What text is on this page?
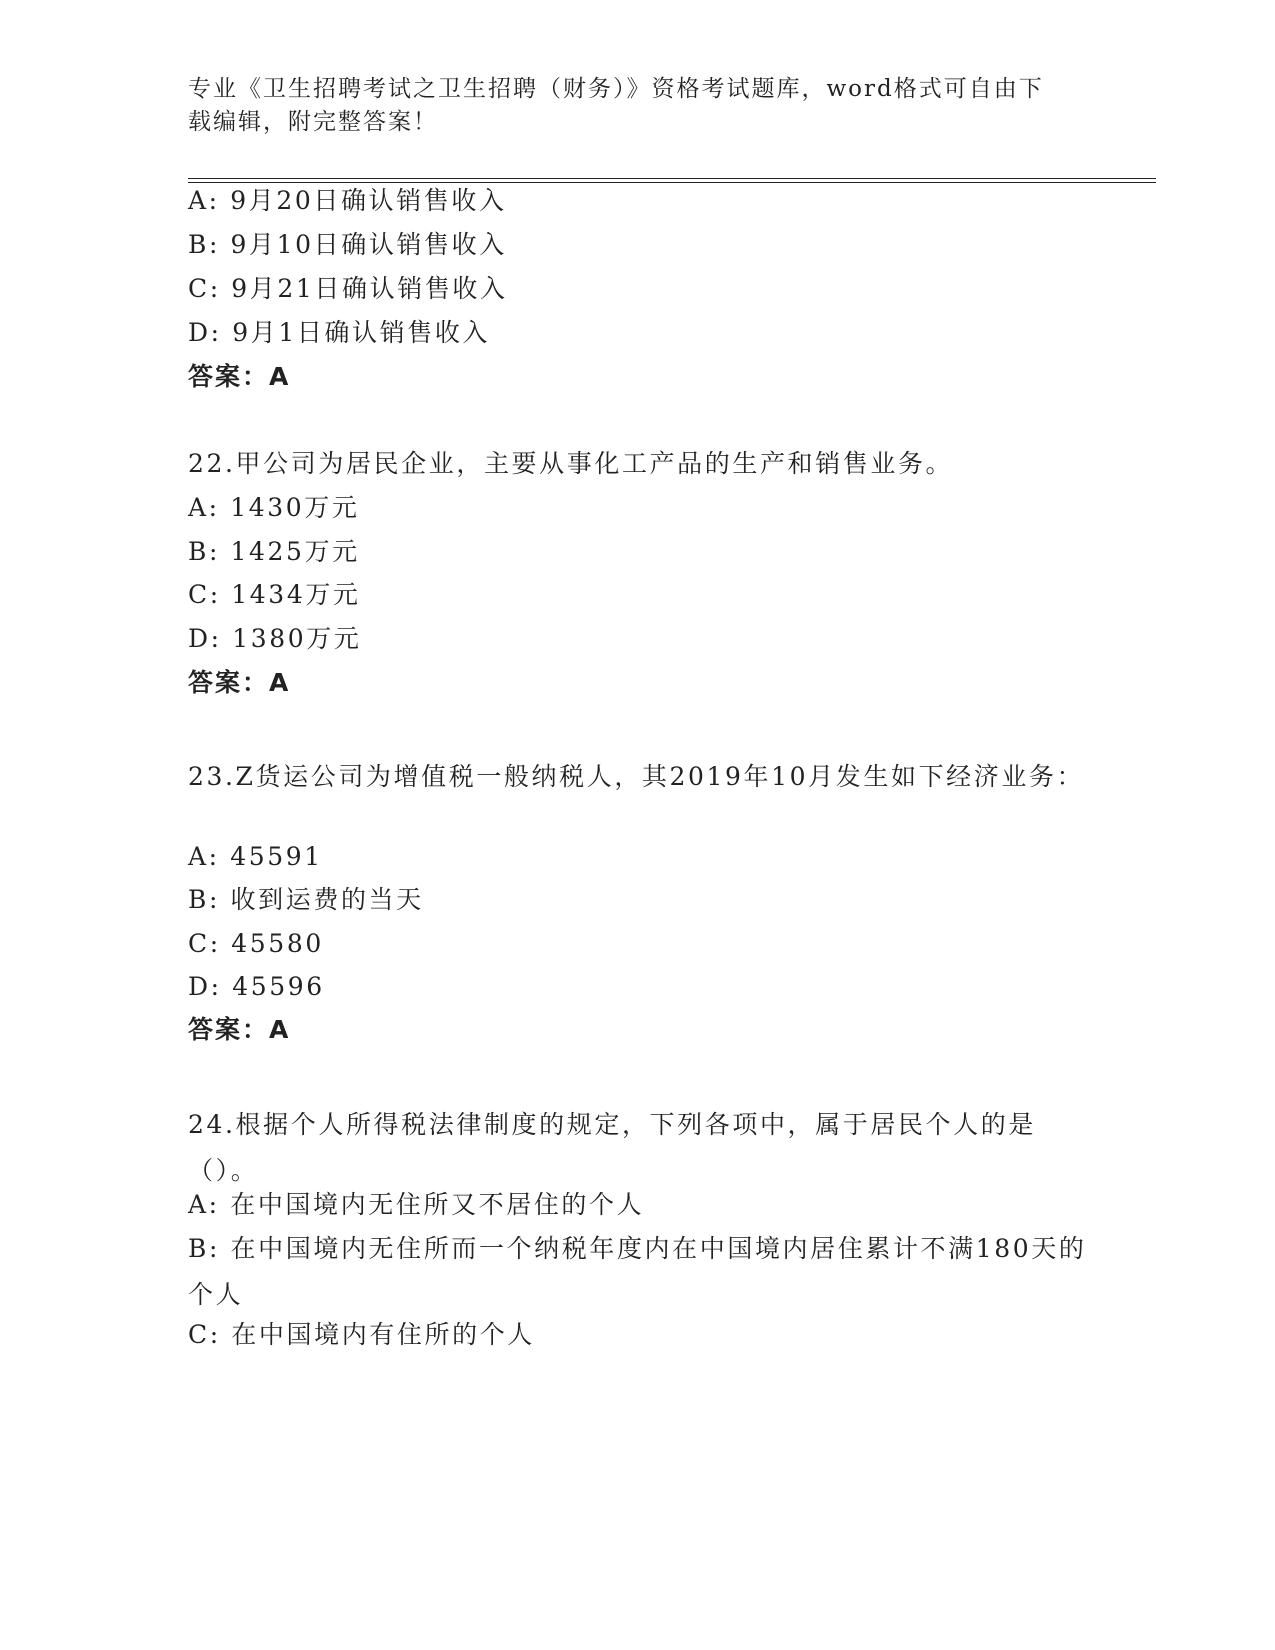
专业《卫生招聘考试之卫生招聘（财务）》资格考试题库，word格式可自由下载编辑，附完整答案！
A: 9月20日确认销售收入
B: 9月10日确认销售收入
C: 9月21日确认销售收入
D: 9月1日确认销售收入
答案：A
22.甲公司为居民企业，主要从事化工产品的生产和销售业务。
A: 1430万元
B: 1425万元
C: 1434万元
D: 1380万元
答案：A
23.Z货运公司为增值税一般纳税人，其2019年10月发生如下经济业务：
A: 45591
B: 收到运费的当天
C: 45580
D: 45596
答案：A
24.根据个人所得税法律制度的规定，下列各项中，属于居民个人的是（）。
A: 在中国境内无住所又不居住的个人
B: 在中国境内无住所而一个纳税年度内在中国境内居住累计不满180天的个人
C: 在中国境内有住所的个人
